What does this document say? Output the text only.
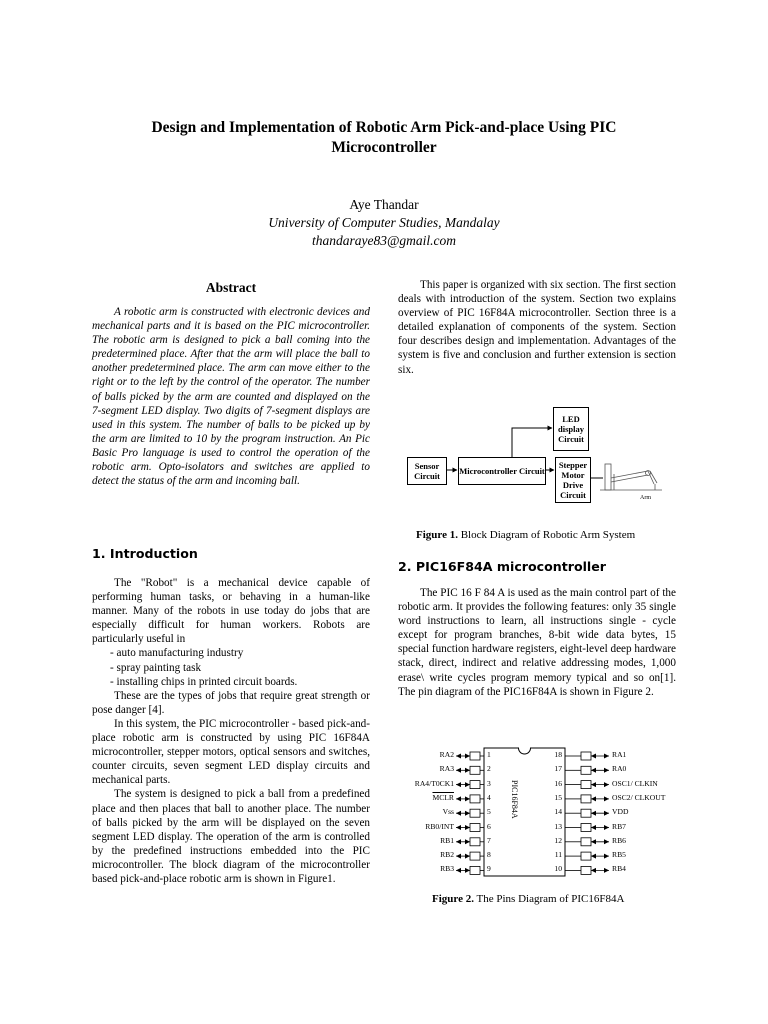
Design and Implementation of Robotic Arm Pick-and-place Using PIC
Microcontroller
Aye Thandar
University of Computer Studies, Mandalay
thandaraye83@gmail.com
Abstract
A robotic arm is constructed with electronic devices and mechanical parts and it is based on the PIC microcontroller. The robotic arm is designed to pick a ball coming into the predetermined place. After that the arm will place the ball to another predetermined place. The arm can move either to the right or to the left by the control of the operator. The number of balls picked by the arm are counted and displayed on the 7-segment LED display. Two digits of 7-segment displays are used in this system. The number of balls to be picked up by the arm are limited to 10 by the program instruction. An Pic Basic Pro language is used to control the operation of the robotic arm. Opto-isolators and switches are applied to detect the status of the arm and incoming ball.
1. Introduction

The "Robot" is a mechanical device capable of performing human tasks, or behaving in a human-like manner. Many of the robots in use today do jobs that are especially difficult for human workers. Robots are particularly useful in

- auto manufacturing industry

- spray painting task

- installing chips in printed circuit boards.

These are the types of jobs that require great strength or pose danger [4].

In this system, the PIC microcontroller - based pick-and-place robotic arm is constructed by using PIC 16F84A microcontroller, stepper motors, optical sensors and switches, counter circuits, seven segment LED display circuits and mechanical parts.

The system is designed to pick a ball from a predefined place and then places that ball to another place. The number of balls picked by the arm will be displayed on the seven segment LED display. The operation of the arm is controlled by the predefined instructions embedded into the PIC microcontroller. The block diagram of the microcontroller based pick-and-place robotic arm is shown in Figure1.

This paper is organized with six section. The first section deals with introduction of the system. Section two explains overview of PIC 16F84A microcontroller. Section three is a detailed explanation of components of the system. Section four describes design and implementation. Advantages of the system is five and conclusion and further extension is section six.
LED display Circuit
Sensor Circuit	Microcontroller Circuit
Stepper Motor Drive Circuit	Arm
Figure 1. Block Diagram of Robotic Arm System
2. PIC16F84A microcontroller
The PIC 16 F 84 A is used as the main control part of the robotic arm. It provides the following features: only 35 single word instructions to learn, all instructions single - cycle except for program branches, 8-bit wide data bytes, 15 special function hardware registers, eight-level deep hardware stack, direct, indirect and relative addressing modes, 1,000 erase\ write cycles program memory typical and so on[1]. The pin diagram of the PIC16F84A is shown in Figure 2.
1
RA2
2
RA3
3
RA4/T0CK1
4
MCLR
5
Vss
6
RB0/INT
7
RB1
8
RB2
9
RB3
18	RA1
17	RA0
16	OSC1/ CLKIN
15	OSC2/ CLKOUT
14	VDD
13	RB7
12	RB6
11	RB5
10	RB4
PIC16F84A
Figure 2. The Pins Diagram of PIC16F84A
